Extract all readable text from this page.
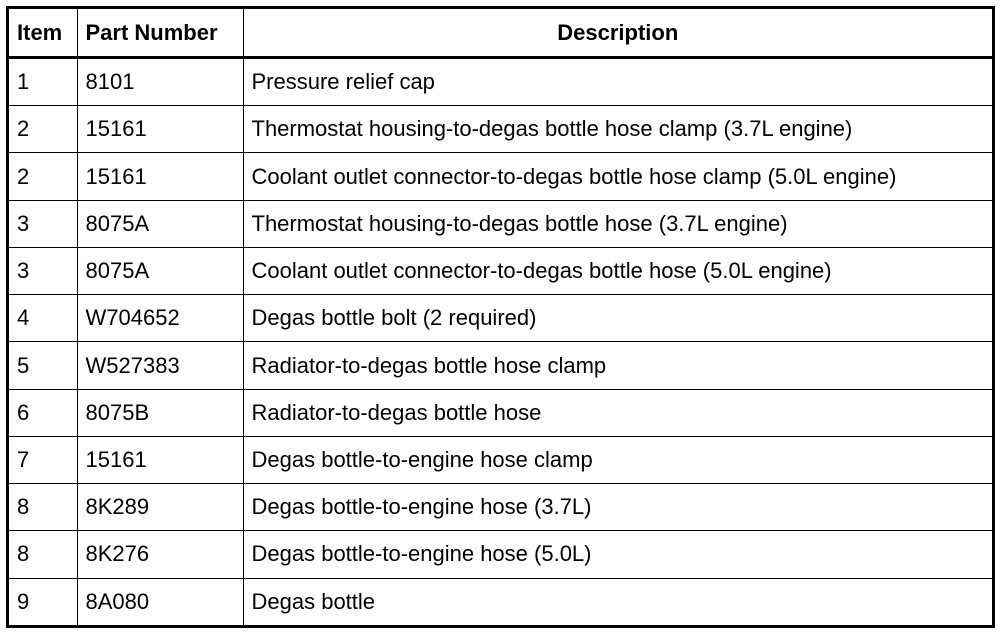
Item	Part Number	Description
1	8101	Pressure relief cap
2	15161	Thermostat housing-to-degas bottle hose clamp (3.7L engine)
2	15161	Coolant outlet connector-to-degas bottle hose clamp (5.0L engine)
3	8075A	Thermostat housing-to-degas bottle hose (3.7L engine)
3	8075A	Coolant outlet connector-to-degas bottle hose (5.0L engine)
4	W704652	Degas bottle bolt (2 required)
5	W527383	Radiator-to-degas bottle hose clamp
6	8075B	Radiator-to-degas bottle hose
7	15161	Degas bottle-to-engine hose clamp
8	8K289	Degas bottle-to-engine hose (3.7L)
8	8K276	Degas bottle-to-engine hose (5.0L)
9	8A080	Degas bottle
